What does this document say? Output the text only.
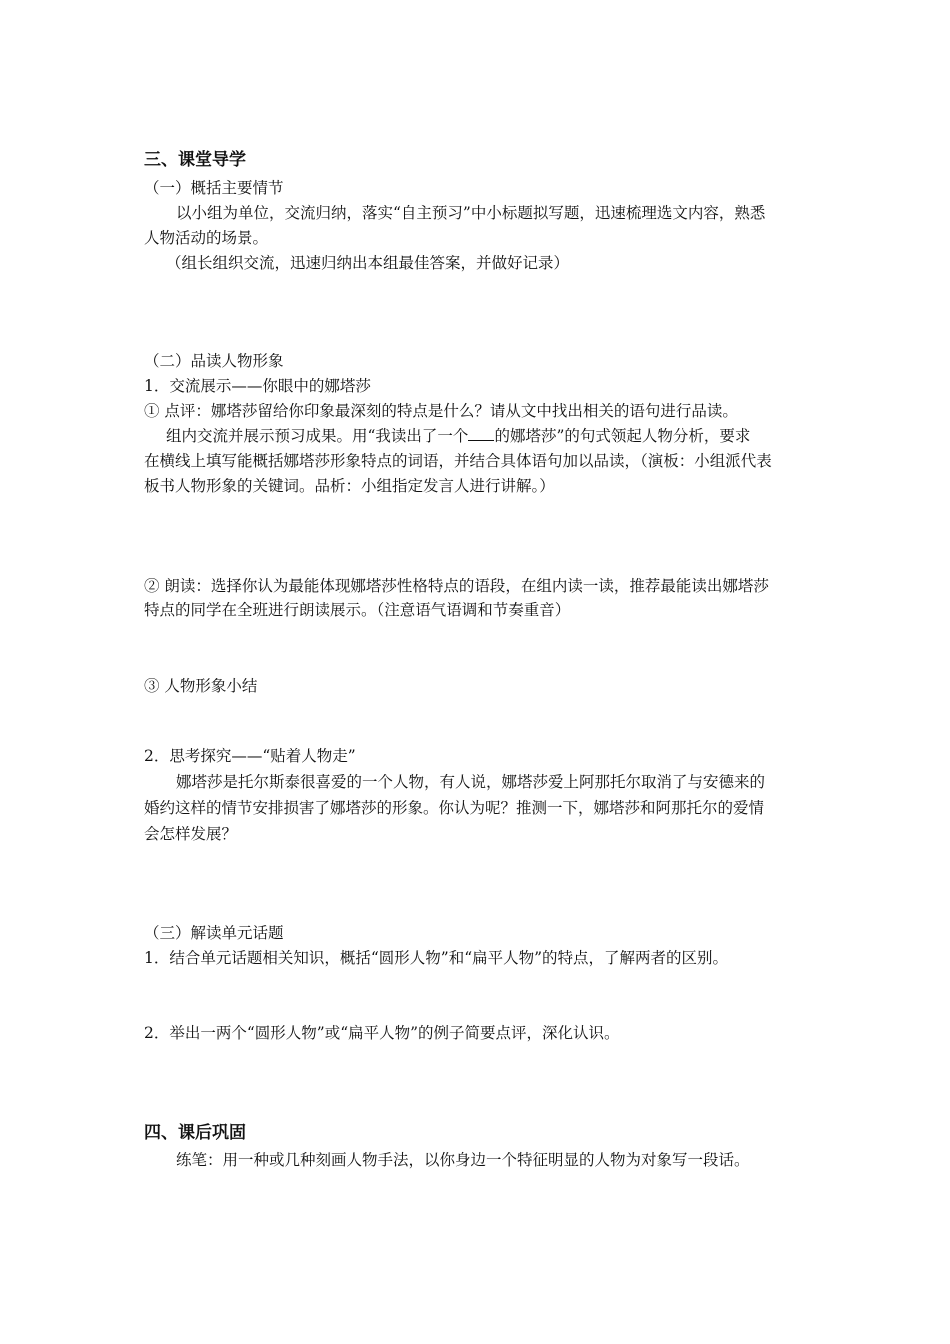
三、课堂导学
（一）概括主要情节
以小组为单位，交流归纳，落实“自主预习”中小标题拟写题，迅速梳理选文内容，熟悉
人物活动的场景。
（组长组织交流，迅速归纳出本组最佳答案，并做好记录）
（二）品读人物形象
1．交流展示——你眼中的娜塔莎
① 点评：娜塔莎留给你印象最深刻的特点是什么？请从文中找出相关的语句进行品读。
组内交流并展示预习成果。用“我读出了一个 的娜塔莎”的句式领起人物分析，要求
在横线上填写能概括娜塔莎形象特点的词语，并结合具体语句加以品读，（演板：小组派代表
板书人物形象的关键词。品析：小组指定发言人进行讲解。）
② 朗读：选择你认为最能体现娜塔莎性格特点的语段，在组内读一读，推荐最能读出娜塔莎
特点的同学在全班进行朗读展示。（注意语气语调和节奏重音）
③ 人物形象小结
2．思考探究——“贴着人物走”
娜塔莎是托尔斯泰很喜爱的一个人物，有人说，娜塔莎爱上阿那托尔取消了与安德来的
婚约这样的情节安排损害了娜塔莎的形象。你认为呢？推测一下，娜塔莎和阿那托尔的爱情
会怎样发展？
（三）解读单元话题
1．结合单元话题相关知识，概括“圆形人物”和“扁平人物”的特点，了解两者的区别。
2．举出一两个“圆形人物”或“扁平人物”的例子简要点评，深化认识。
四、课后巩固
练笔：用一种或几种刻画人物手法，以你身边一个特征明显的人物为对象写一段话。
